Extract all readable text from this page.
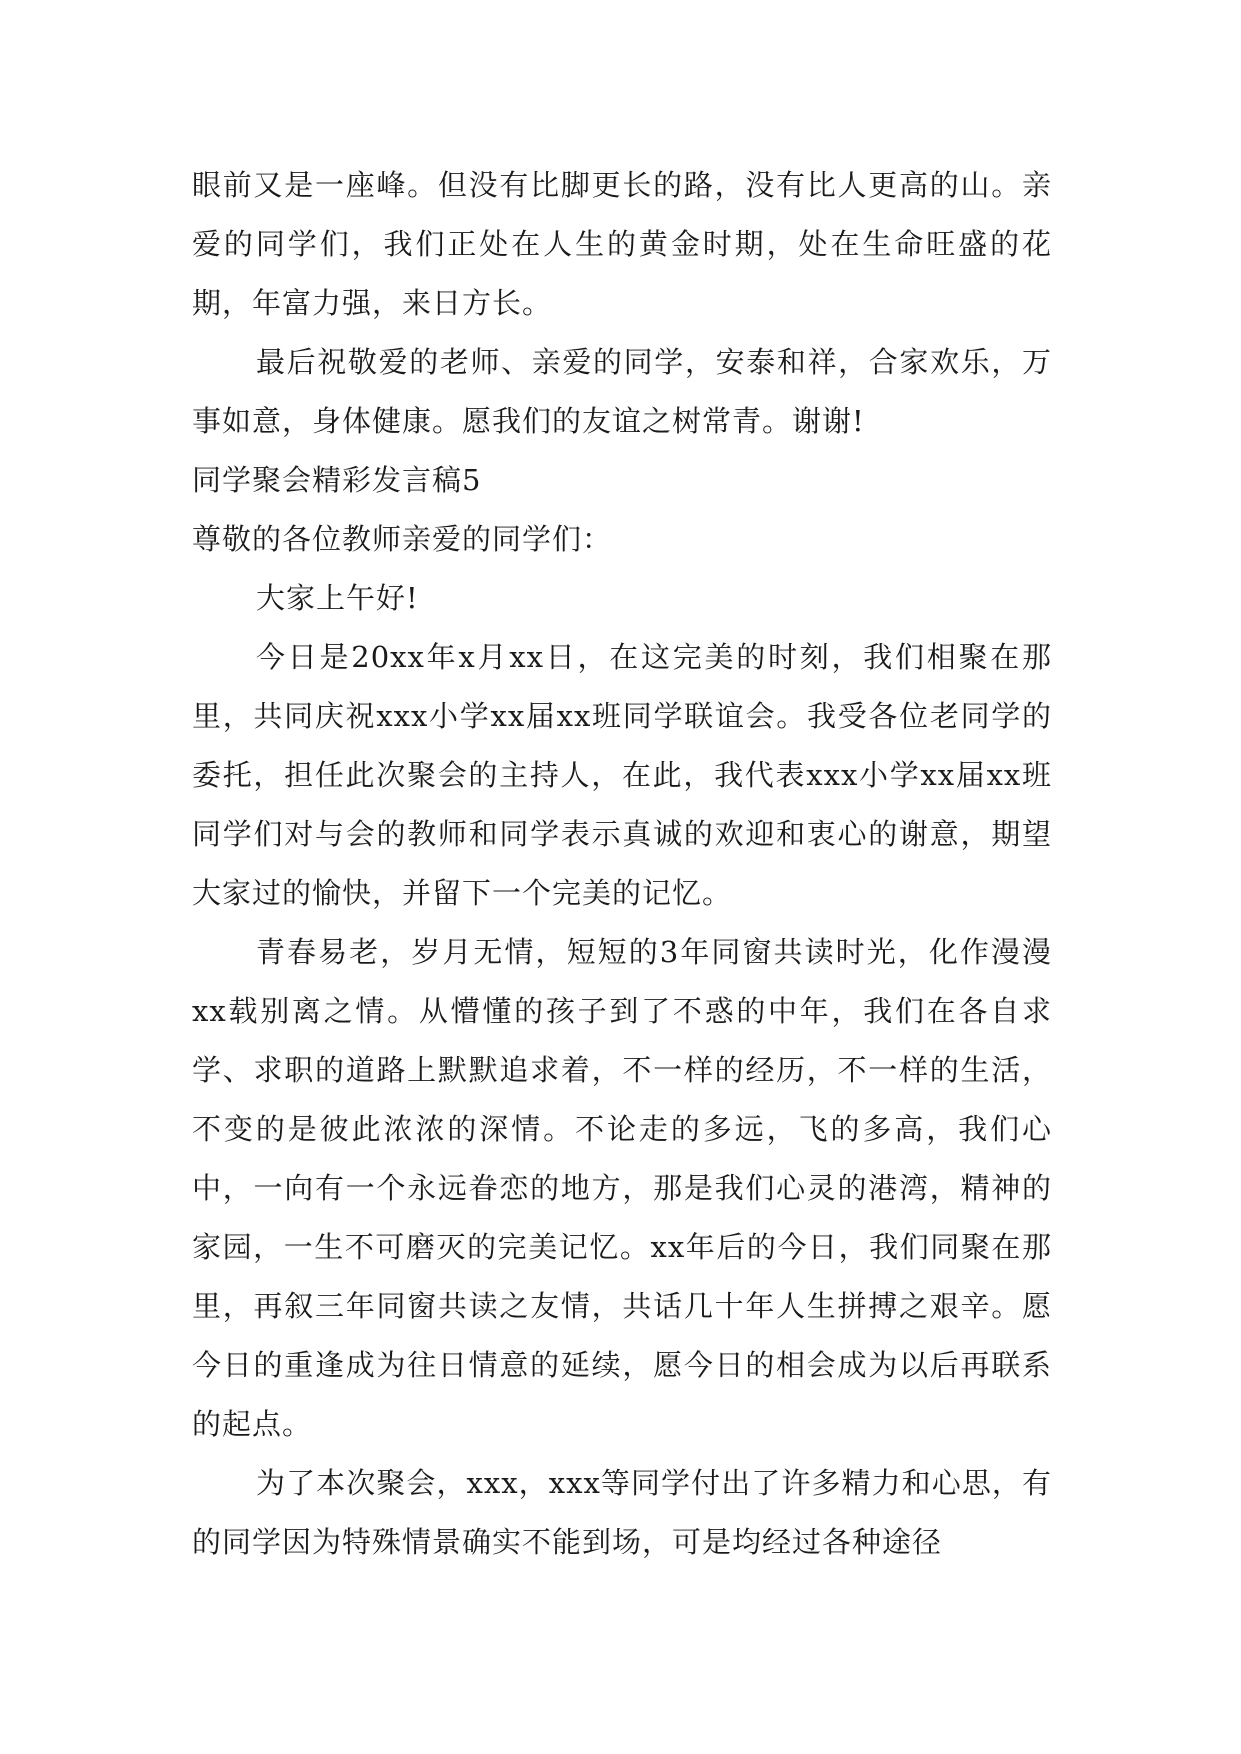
眼前又是一座峰。但没有比脚更长的路，没有比人更高的山。亲爱的同学们，我们正处在人生的黄金时期，处在生命旺盛的花期，年富力强，来日方长。

最后祝敬爱的老师、亲爱的同学，安泰和祥，合家欢乐，万事如意，身体健康。愿我们的友谊之树常青。谢谢!

同学聚会精彩发言稿5

尊敬的各位教师亲爱的同学们：

大家上午好!

今日是20xx年x月xx日，在这完美的时刻，我们相聚在那里，共同庆祝xxx小学xx届xx班同学联谊会。我受各位老同学的委托，担任此次聚会的主持人，在此，我代表xxx小学xx届xx班同学们对与会的教师和同学表示真诚的欢迎和衷心的谢意，期望大家过的愉快，并留下一个完美的记忆。

青春易老，岁月无情，短短的3年同窗共读时光，化作漫漫xx载别离之情。从懵懂的孩子到了不惑的中年，我们在各自求学、求职的道路上默默追求着，不一样的经历，不一样的生活，不变的是彼此浓浓的深情。不论走的多远，飞的多高，我们心中，一向有一个永远眷恋的地方，那是我们心灵的港湾，精神的家园，一生不可磨灭的完美记忆。xx年后的今日，我们同聚在那里，再叙三年同窗共读之友情，共话几十年人生拼搏之艰辛。愿今日的重逢成为往日情意的延续，愿今日的相会成为以后再联系的起点。

为了本次聚会，xxx，xxx等同学付出了许多精力和心思，有的同学因为特殊情景确实不能到场，可是均经过各种途径
